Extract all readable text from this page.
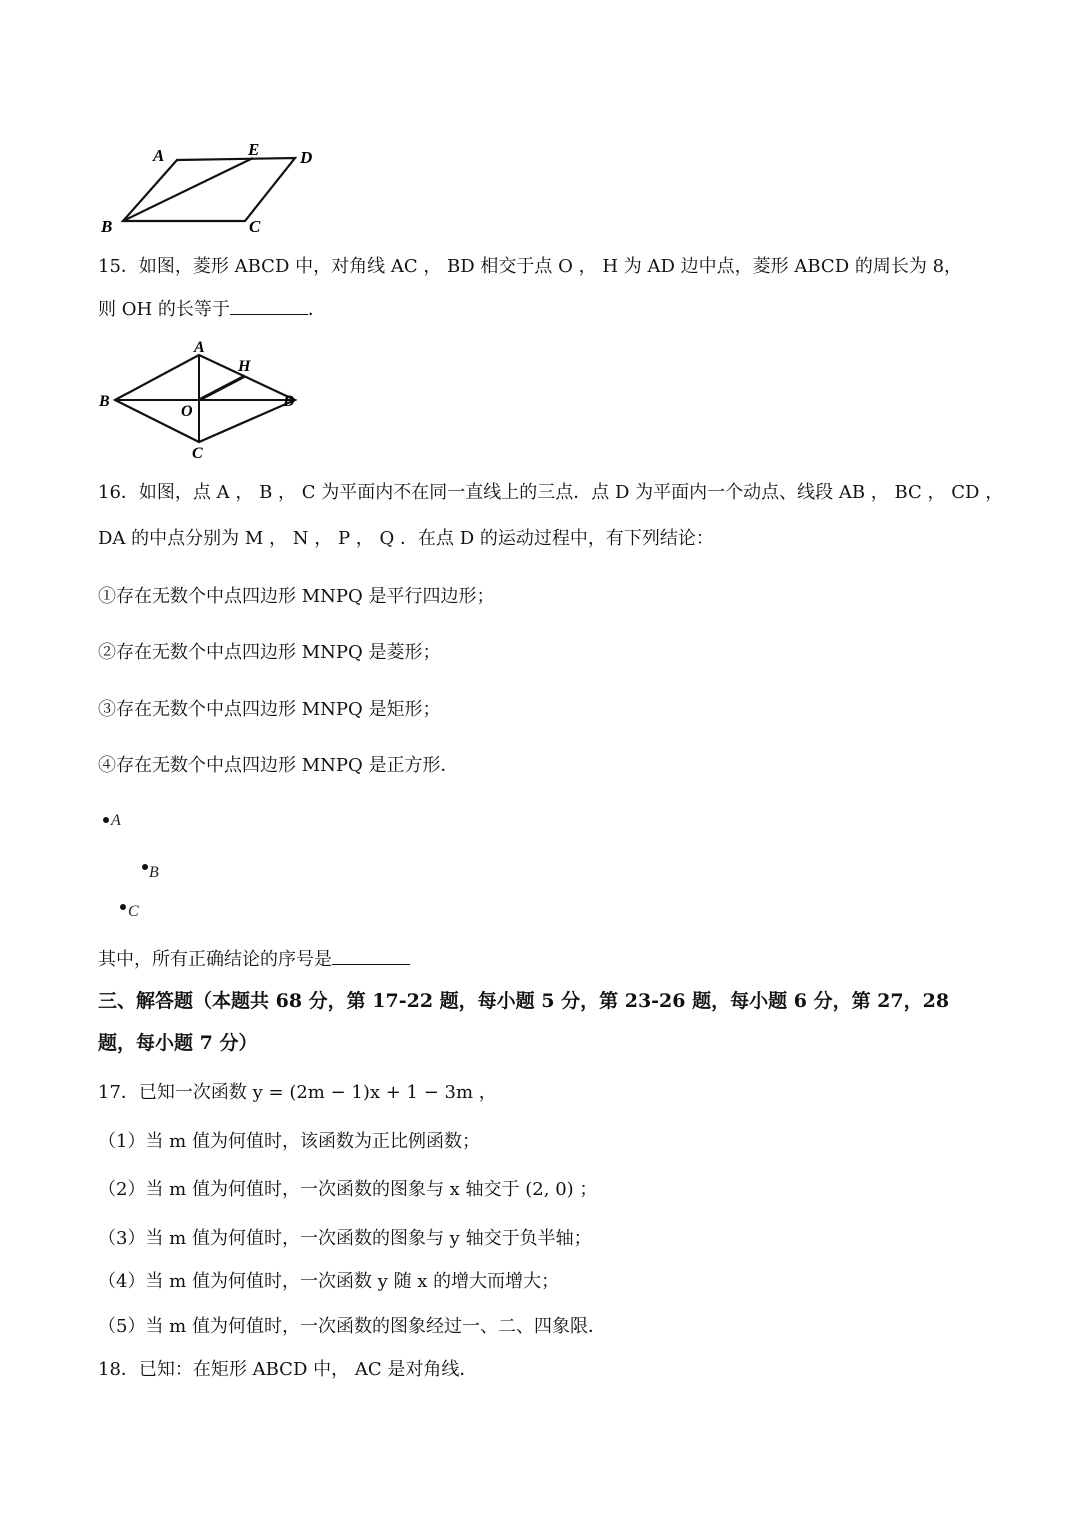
A	E D
B	C
15．如图，菱形 ABCD 中，对角线 AC ， BD 相交于点 O ， H 为 AD 边中点，菱形 ABCD 的周长为 8，
则 OH 的长等于	．
A
H
B
O
D
C
16．如图，点 A ， B ， C 为平面内不在同一直线上的三点．点 D 为平面内一个动点、线段 AB ， BC ， CD ，
DA 的中点分别为 M ， N ， P ， Q ．在点 D 的运动过程中，有下列结论：
①存在无数个中点四边形 MNPQ 是平行四边形；
②存在无数个中点四边形 MNPQ 是菱形；
③存在无数个中点四边形 MNPQ 是矩形；
④存在无数个中点四边形 MNPQ 是正方形．
A
B
C
其中，所有正确结论的序号是
三、解答题（本题共 68 分，第 17-22 题，每小题 5 分，第 23-26 题，每小题 6 分，第 27，28
题，每小题 7 分）
17．已知一次函数 y = (2m − 1)x + 1 − 3m ，
（1）当 m 值为何值时，该函数为正比例函数；
（2）当 m 值为何值时，一次函数的图象与 x 轴交于 (2, 0) ；
（3）当 m 值为何值时，一次函数的图象与 y 轴交于负半轴；
（4）当 m 值为何值时，一次函数 y 随 x 的增大而增大；
（5）当 m 值为何值时，一次函数的图象经过一、二、四象限．
18．已知：在矩形 ABCD 中， AC 是对角线．
